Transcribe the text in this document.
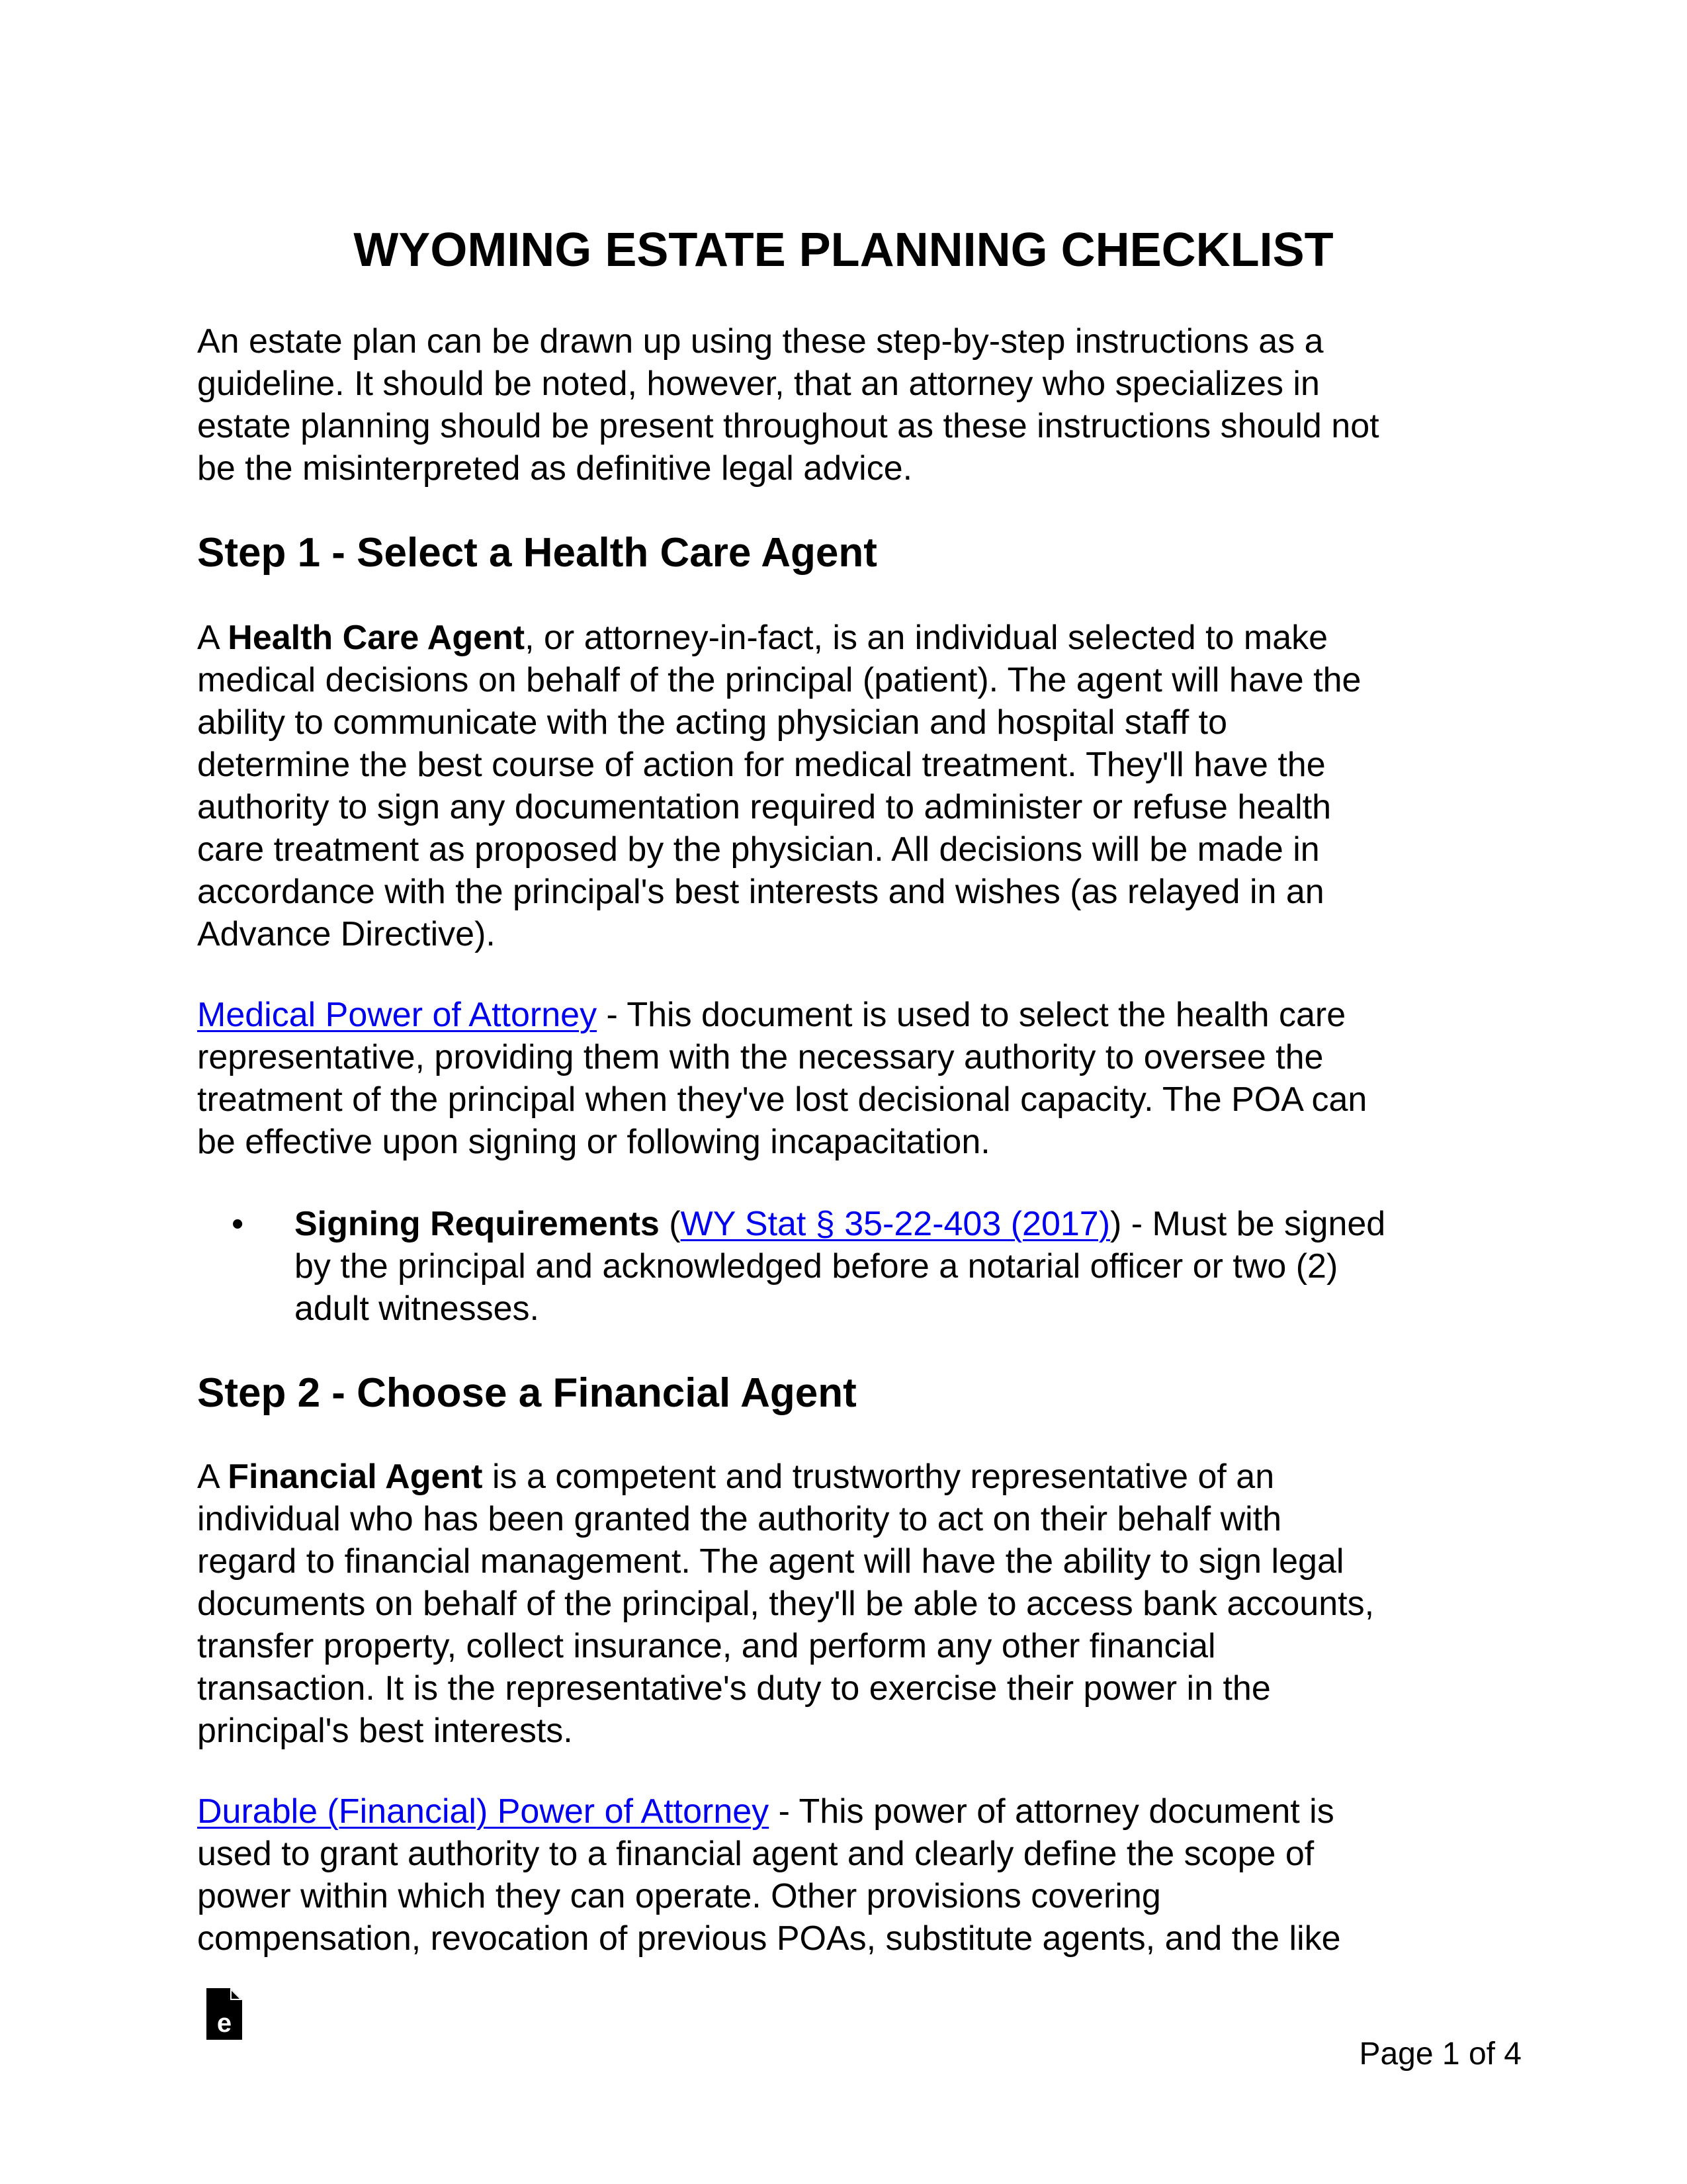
WYOMING ESTATE PLANNING CHECKLIST
An estate plan can be drawn up using these step-by-step instructions as a
guideline. It should be noted, however, that an attorney who specializes in
estate planning should be present throughout as these instructions should not
be the misinterpreted as definitive legal advice.
Step 1 - Select a Health Care Agent
A Health Care Agent, or attorney-in-fact, is an individual selected to make
medical decisions on behalf of the principal (patient). The agent will have the
ability to communicate with the acting physician and hospital staff to
determine the best course of action for medical treatment. They'll have the
authority to sign any documentation required to administer or refuse health
care treatment as proposed by the physician. All decisions will be made in
accordance with the principal's best interests and wishes (as relayed in an
Advance Directive).
Medical Power of Attorney - This document is used to select the health care
representative, providing them with the necessary authority to oversee the
treatment of the principal when they've lost decisional capacity. The POA can
be effective upon signing or following incapacitation.
• Signing Requirements (WY Stat § 35-22-403 (2017)) - Must be signed
by the principal and acknowledged before a notarial officer or two (2)
adult witnesses.
Step 2 - Choose a Financial Agent
A Financial Agent is a competent and trustworthy representative of an
individual who has been granted the authority to act on their behalf with
regard to financial management. The agent will have the ability to sign legal
documents on behalf of the principal, they'll be able to access bank accounts,
transfer property, collect insurance, and perform any other financial
transaction. It is the representative's duty to exercise their power in the
principal's best interests.
Durable (Financial) Power of Attorney - This power of attorney document is
used to grant authority to a financial agent and clearly define the scope of
power within which they can operate. Other provisions covering
compensation, revocation of previous POAs, substitute agents, and the like
e
Page 1 of 4
